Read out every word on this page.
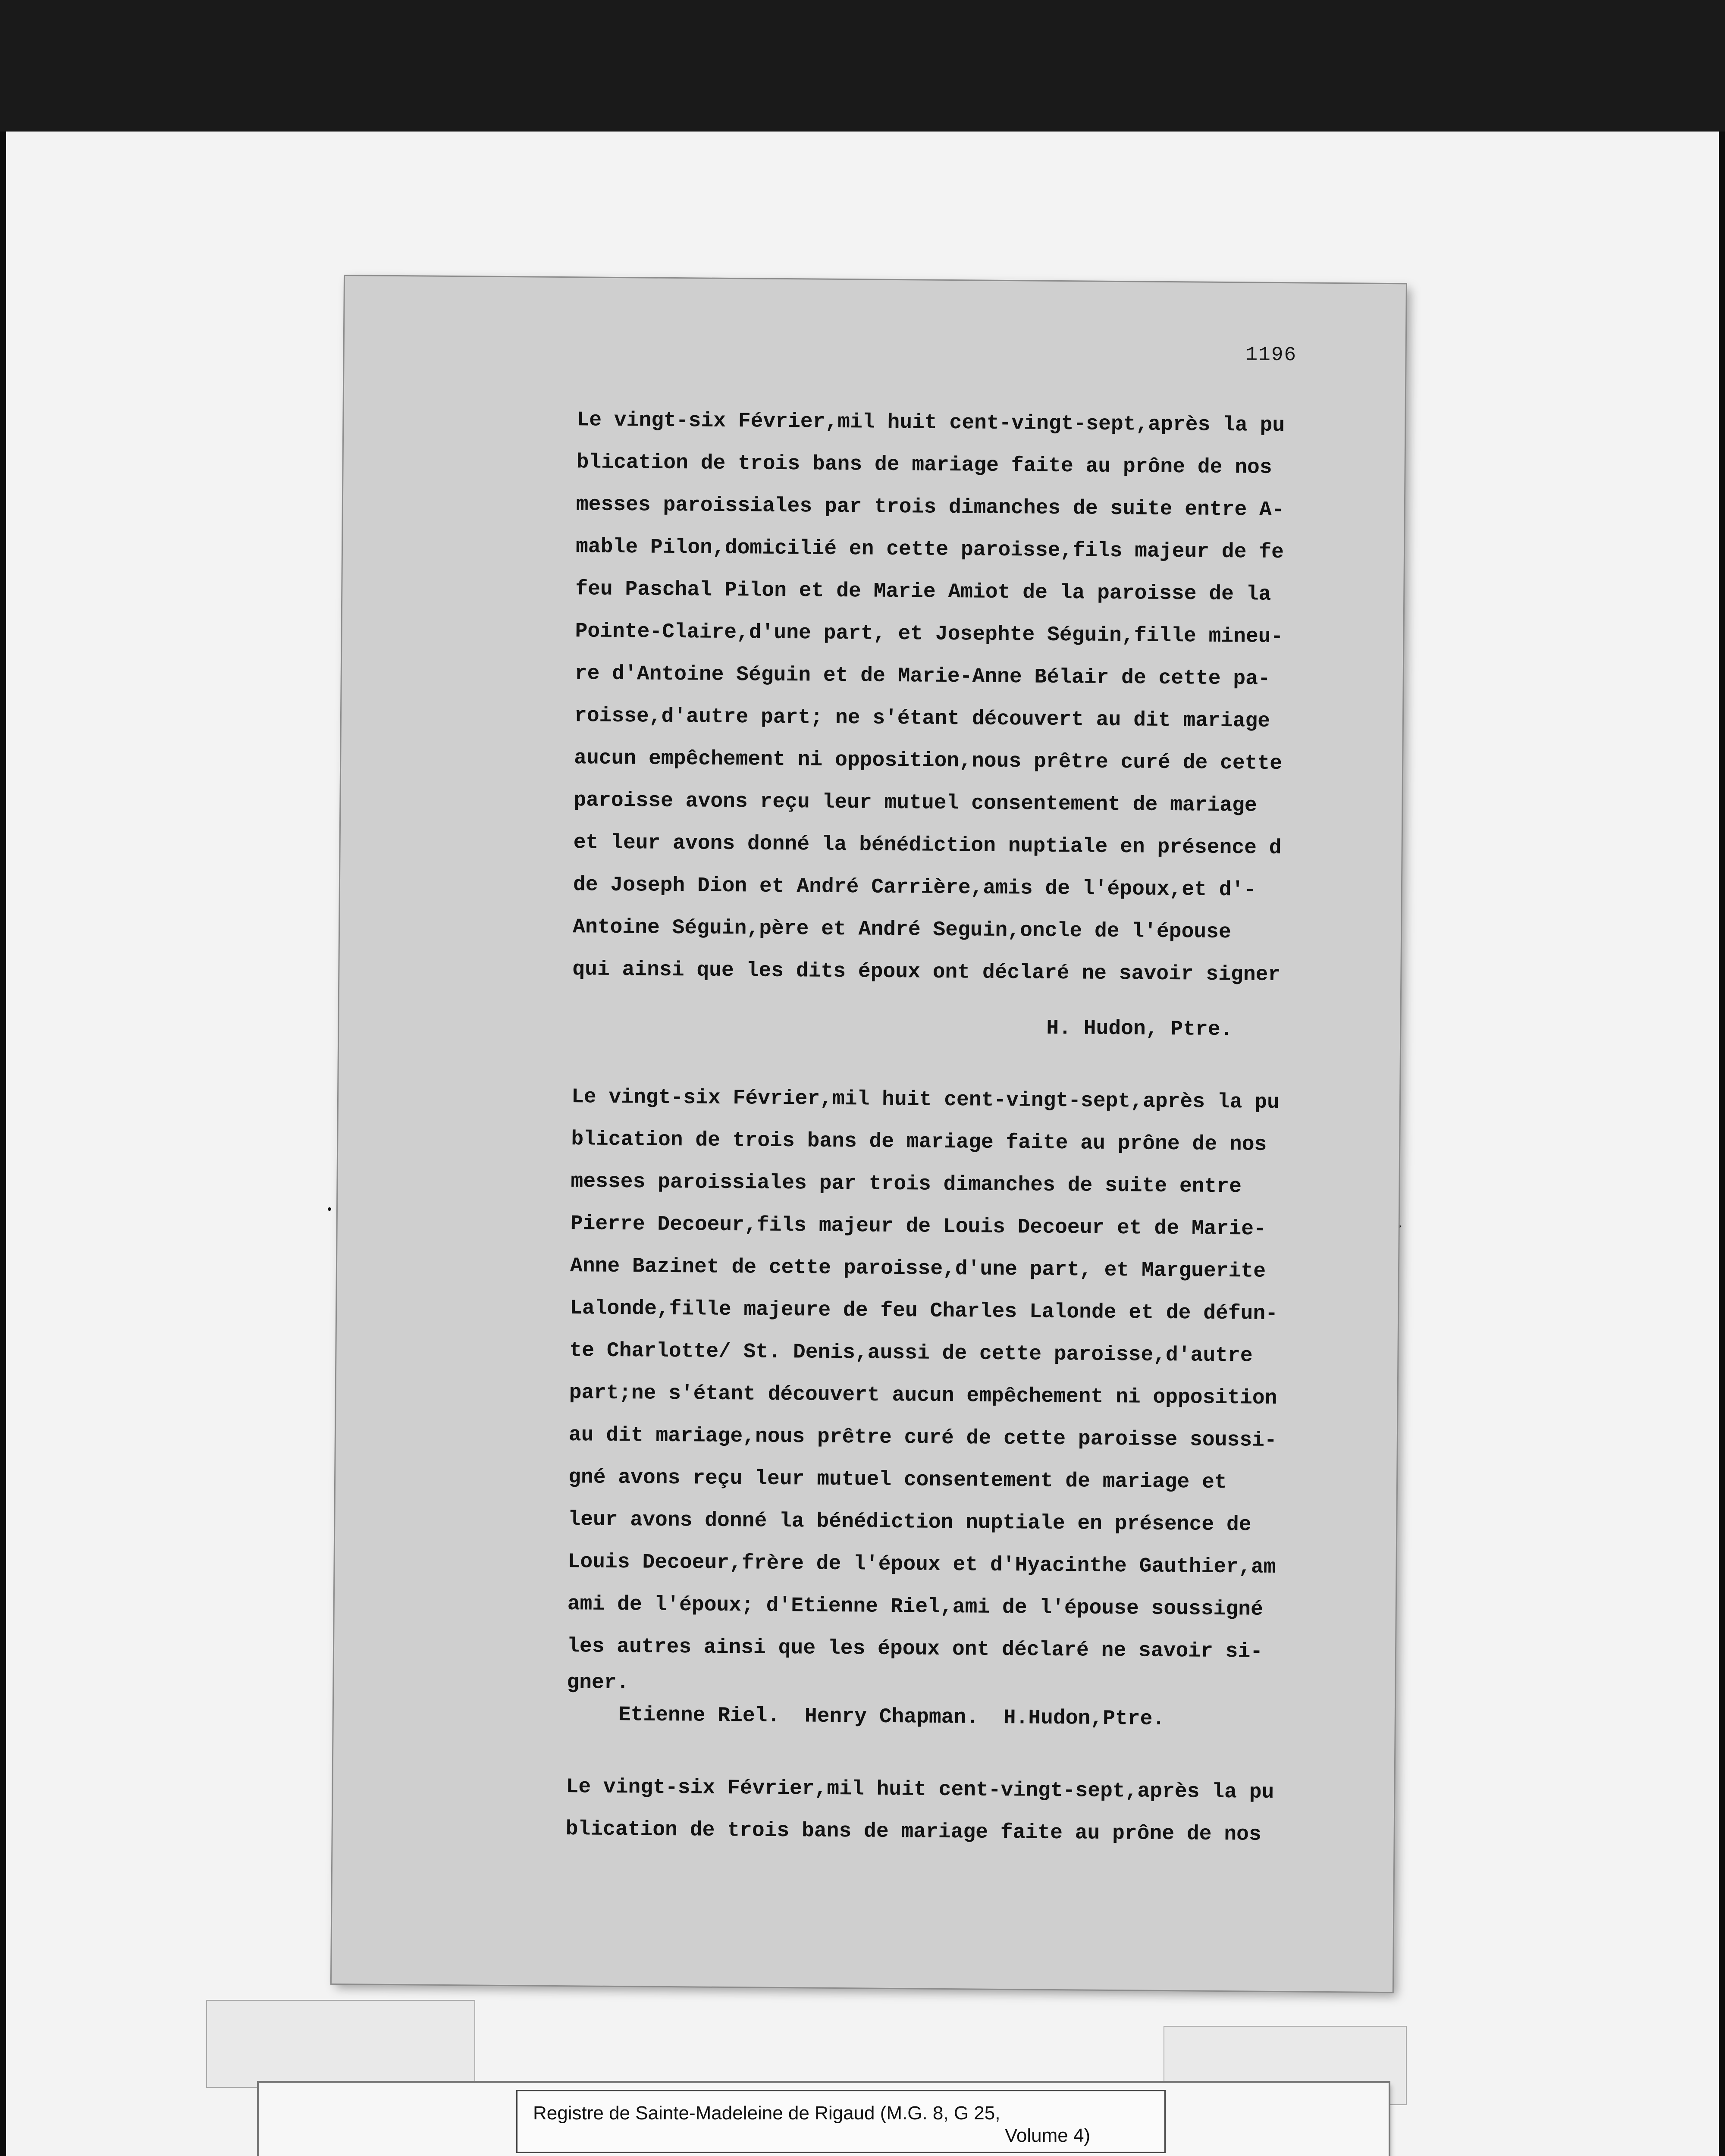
1196
Le vingt-six Février,mil huit cent-vingt-sept,après la pu
blication de trois bans de mariage faite au prône de nos
messes paroissiales par trois dimanches de suite entre A-
mable Pilon,domicilié en cette paroisse,fils majeur de fe
feu Paschal Pilon et de Marie Amiot de la paroisse de la
Pointe-Claire,d'une part, et Josephte Séguin,fille mineu-
re d'Antoine Séguin et de Marie-Anne Bélair de cette pa-
roisse,d'autre part; ne s'étant découvert au dit mariage
aucun empêchement ni opposition,nous prêtre curé de cette
paroisse avons reçu leur mutuel consentement de mariage
et leur avons donné la bénédiction nuptiale en présence d
de Joseph Dion et André Carrière,amis de l'époux,et d'-
Antoine Séguin,père et André Seguin,oncle de l'épouse
qui ainsi que les dits époux ont déclaré ne savoir signer
H. Hudon, Ptre.
Le vingt-six Février,mil huit cent-vingt-sept,après la pu
blication de trois bans de mariage faite au prône de nos
messes paroissiales par trois dimanches de suite entre
Pierre Decoeur,fils majeur de Louis Decoeur et de Marie-
Anne Bazinet de cette paroisse,d'une part, et Marguerite
Lalonde,fille majeure de feu Charles Lalonde et de défun-
te Charlotte/ St. Denis,aussi de cette paroisse,d'autre
part;ne s'étant découvert aucun empêchement ni opposition
au dit mariage,nous prêtre curé de cette paroisse soussi-
gné avons reçu leur mutuel consentement de mariage et
leur avons donné la bénédiction nuptiale en présence de
Louis Decoeur,frère de l'époux et d'Hyacinthe Gauthier,am
ami de l'époux; d'Etienne Riel,ami de l'épouse soussigné
les autres ainsi que les époux ont déclaré ne savoir si-
gner.
Etienne Riel.  Henry Chapman.  H.Hudon,Ptre.
Le vingt-six Février,mil huit cent-vingt-sept,après la pu
blication de trois bans de mariage faite au prône de nos
Registre de Sainte-Madeleine de Rigaud (M.G. 8, G 25,
Volume 4)
